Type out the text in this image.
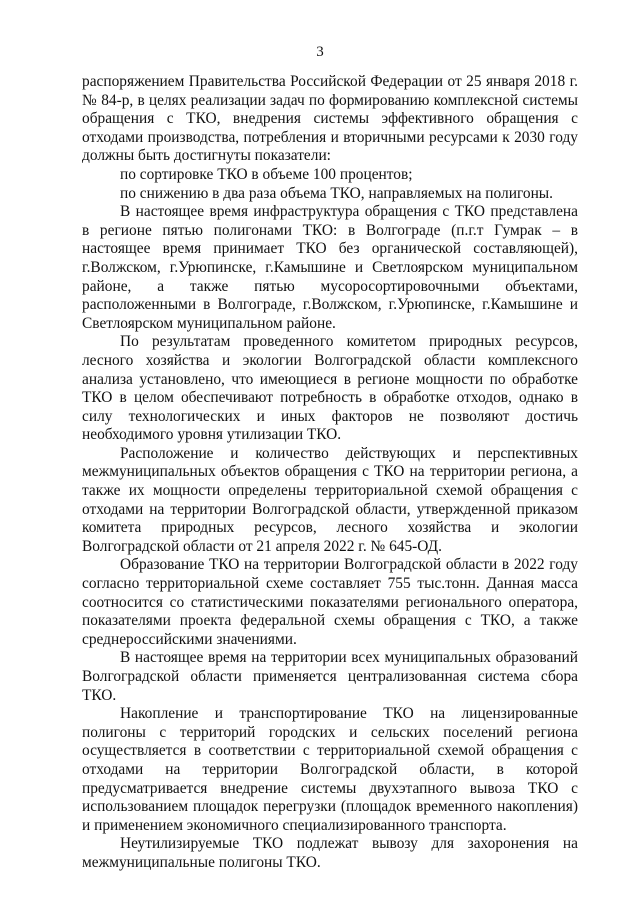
3

распоряжением Правительства Российской Федерации от 25 января 2018 г. № 84-р, в целях реализации задач по формированию комплексной системы обращения с ТКО, внедрения системы эффективного обращения с отходами производства, потребления и вторичными ресурсами к 2030 году должны быть достигнуты показатели:

по сортировке ТКО в объеме 100 процентов;

по снижению в два раза объема ТКО, направляемых на полигоны.

В настоящее время инфраструктура обращения с ТКО представлена в регионе пятью полигонами ТКО: в Волгограде (п.г.т Гумрак – в настоящее время принимает ТКО без органической составляющей), г.Волжском, г.Урюпинске, г.Камышине и Светлоярском муниципальном районе, а также пятью мусоросортировочными объектами, расположенными в Волгограде, г.Волжском, г.Урюпинске, г.Камышине и Светлоярском муниципальном районе.

По результатам проведенного комитетом природных ресурсов, лесного хозяйства и экологии Волгоградской области комплексного анализа установлено, что имеющиеся в регионе мощности по обработке ТКО в целом обеспечивают потребность в обработке отходов, однако в силу технологических и иных факторов не позволяют достичь необходимого уровня утилизации ТКО.

Расположение и количество действующих и перспективных межмуниципальных объектов обращения с ТКО на территории региона, а также их мощности определены территориальной схемой обращения с отходами на территории Волгоградской области, утвержденной приказом комитета природных ресурсов, лесного хозяйства и экологии Волгоградской области от 21 апреля 2022 г. № 645-ОД.

Образование ТКО на территории Волгоградской области в 2022 году согласно территориальной схеме составляет 755 тыс.тонн. Данная масса соотносится со статистическими показателями регионального оператора, показателями проекта федеральной схемы обращения с ТКО, а также среднероссийскими значениями.

В настоящее время на территории всех муниципальных образований Волгоградской области применяется централизованная система сбора ТКО.

Накопление и транспортирование ТКО на лицензированные полигоны с территорий городских и сельских поселений региона осуществляется в соответствии с территориальной схемой обращения с отходами на территории Волгоградской области, в которой предусматривается внедрение системы двухэтапного вывоза ТКО с использованием площадок перегрузки (площадок временного накопления) и применением экономичного специализированного транспорта.

Неутилизируемые ТКО подлежат вывозу для захоронения на межмуниципальные полигоны ТКО.
